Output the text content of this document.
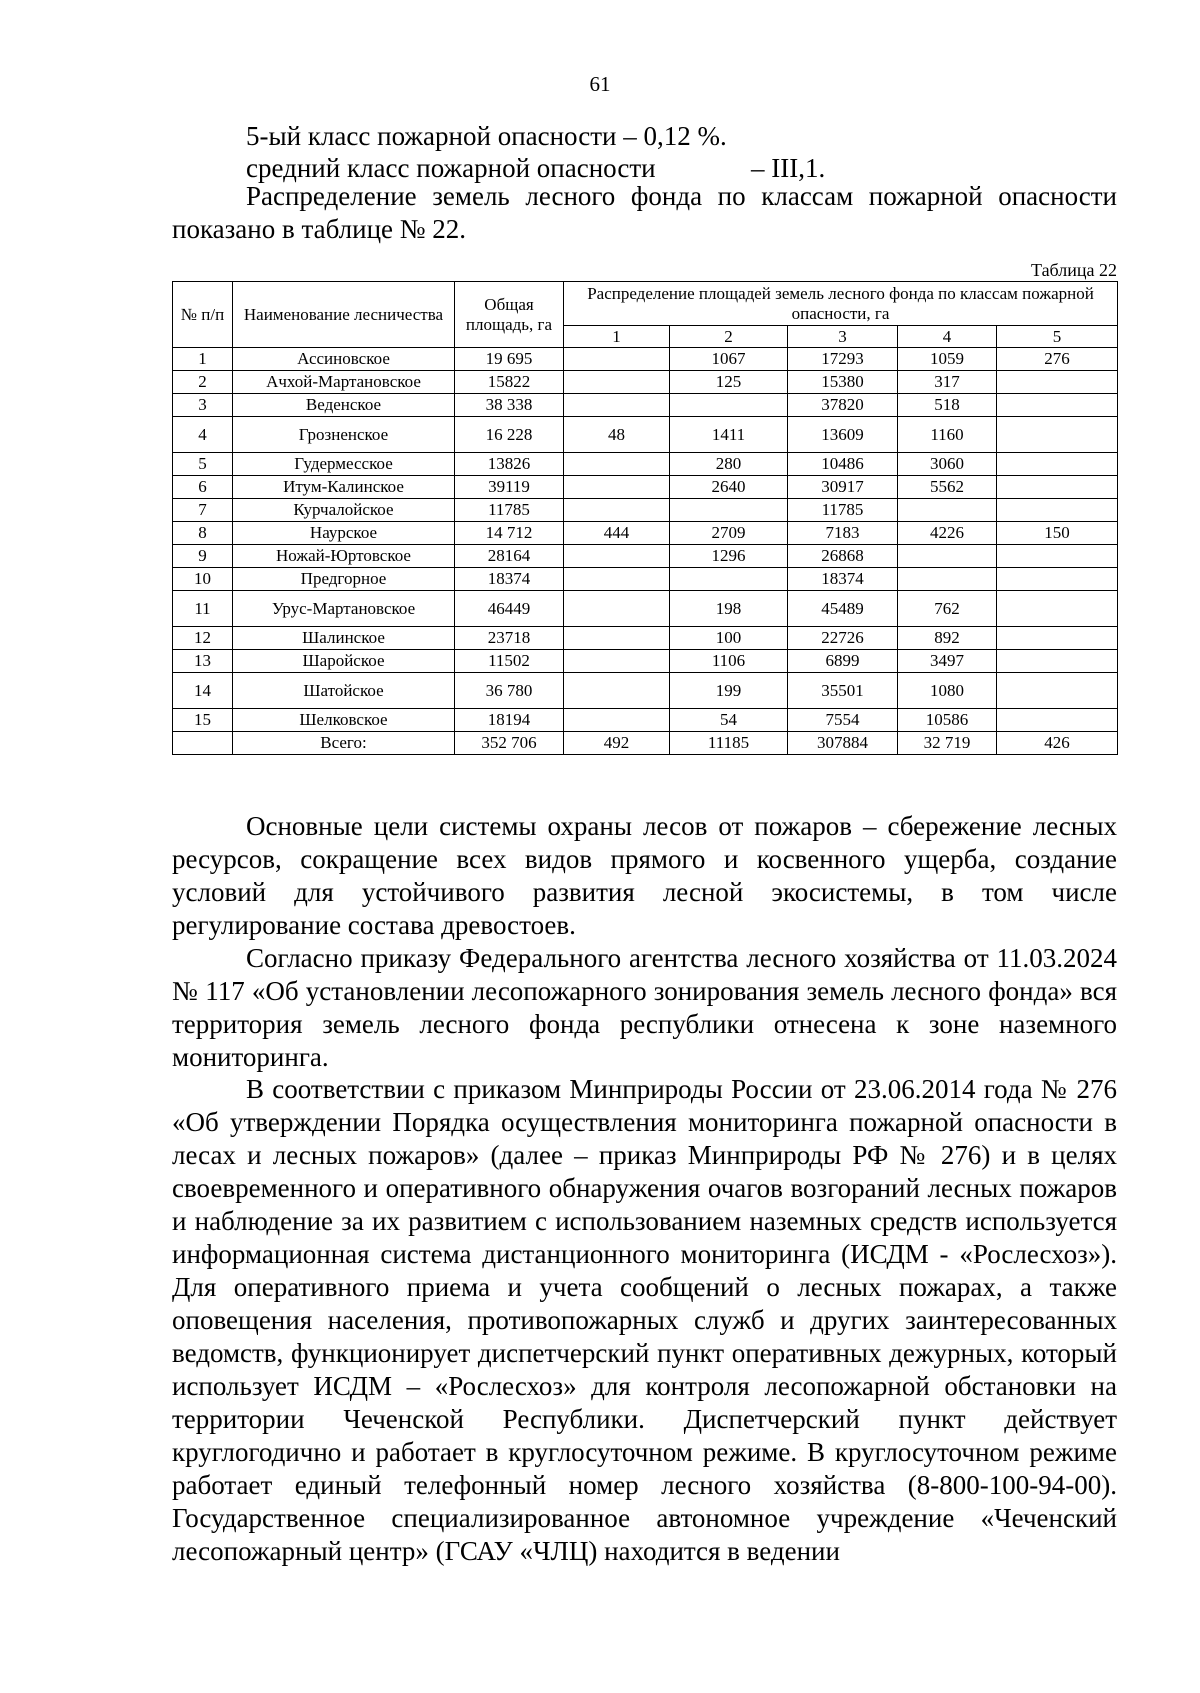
61
5-ый класс пожарной опасности – 0,12 %.
средний класс пожарной опасности	– III,1.
Распределение земель лесного фонда по классам пожарной опасности показано в таблице № 22.
Таблица 22
№ п/п	Наименование лесничества	Общая площадь, га	Распределение площадей земель лесного фонда по классам пожарной опасности, га				
			1	2	3	4	5
1	Ассиновское	19 695		1067	17293	1059	276
2	Ачхой-Мартановское	15822		125	15380	317	
3	Веденское	38 338			37820	518	
4	Грозненское	16 228	48	1411	13609	1160	
5	Гудермесское	13826		280	10486	3060	
6	Итум-Калинское	39119		2640	30917	5562	
7	Курчалойское	11785			11785		
8	Наурское	14 712	444	2709	7183	4226	150
9	Ножай-Юртовское	28164		1296	26868		
10	Предгорное	18374			18374		
11	Урус-Мартановское	46449		198	45489	762	
12	Шалинское	23718		100	22726	892	
13	Шаройское	11502		1106	6899	3497	
14	Шатойское	36 780		199	35501	1080	
15	Шелковское	18194		54	7554	10586	
	Всего:	352 706	492	11185	307884	32 719	426
Основные цели системы охраны лесов от пожаров – сбережение лесных ресурсов, сокращение всех видов прямого и косвенного ущерба, создание условий для устойчивого развития лесной экосистемы, в том числе регулирование состава древостоев.
Согласно приказу Федерального агентства лесного хозяйства от 11.03.2024 № 117 «Об установлении лесопожарного зонирования земель лесного фонда» вся территория земель лесного фонда республики отнесена к зоне наземного мониторинга.
В соответствии с приказом Минприроды России от 23.06.2014 года № 276 «Об утверждении Порядка осуществления мониторинга пожарной опасности в лесах и лесных пожаров» (далее – приказ Минприроды РФ № 276) и в целях своевременного и оперативного обнаружения очагов возгораний лесных пожаров и наблюдение за их развитием с использованием наземных средств используется информационная система дистанционного мониторинга (ИСДМ - «Рослесхоз»). Для оперативного приема и учета сообщений о лесных пожарах, а также оповещения населения, противопожарных служб и других заинтересованных ведомств, функционирует диспетчерский пункт оперативных дежурных, который использует ИСДМ – «Рослесхоз» для контроля лесопожарной обстановки на территории Чеченской Республики. Диспетчерский пункт действует круглогодично и работает в круглосуточном режиме. В круглосуточном режиме работает единый телефонный номер лесного хозяйства (8-800-100-94-00). Государственное специализированное автономное учреждение «Чеченский лесопожарный центр» (ГСАУ «ЧЛЦ) находится в ведении
